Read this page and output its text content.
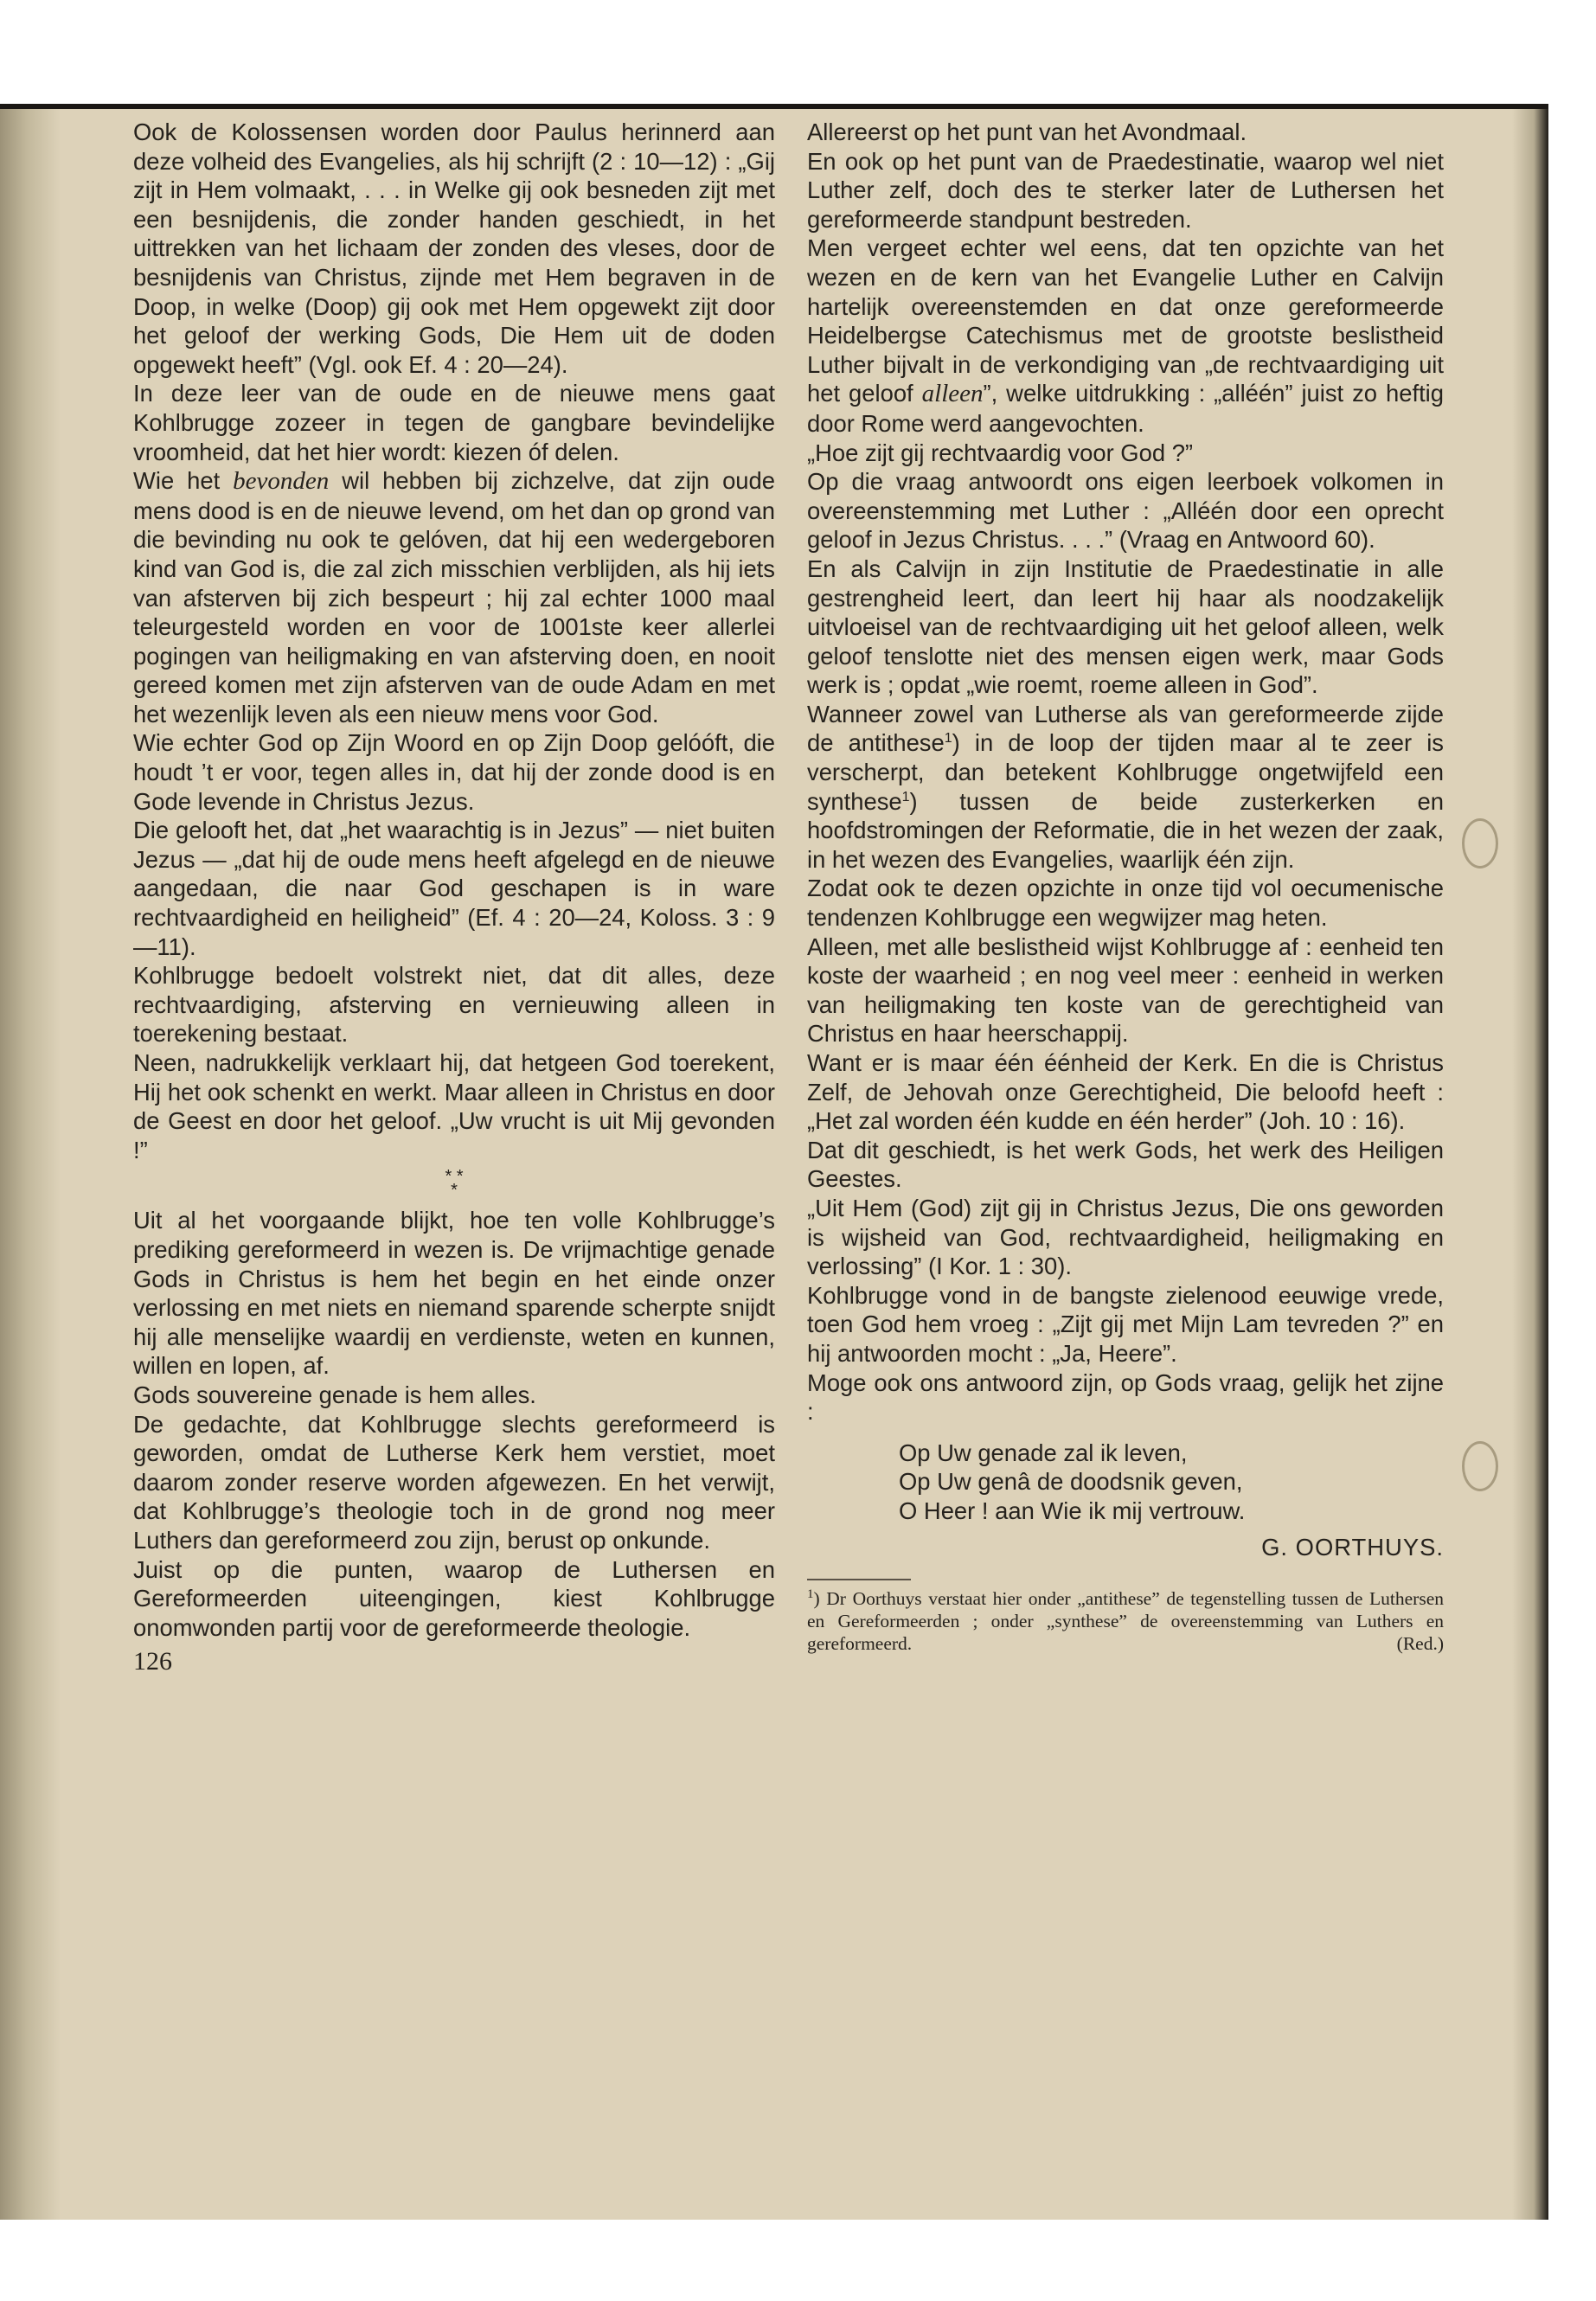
Ook de Kolossensen worden door Paulus herinnerd aan deze volheid des Evangelies, als hij schrijft (2 : 10—12) : „Gij zijt in Hem volmaakt, . . . in Welke gij ook besneden zijt met een besnijdenis, die zonder handen geschiedt, in het uittrekken van het lichaam der zonden des vleses, door de besnijdenis van Christus, zijnde met Hem begraven in de Doop, in welke (Doop) gij ook met Hem opgewekt zijt door het geloof der werking Gods, Die Hem uit de doden opgewekt heeft” (Vgl. ook Ef. 4 : 20—24).

In deze leer van de oude en de nieuwe mens gaat Kohlbrugge zozeer in tegen de gangbare bevindelijke vroomheid, dat het hier wordt: kiezen óf delen.

Wie het bevonden wil hebben bij zichzelve, dat zijn oude mens dood is en de nieuwe levend, om het dan op grond van die bevinding nu ook te gelóven, dat hij een wedergeboren kind van God is, die zal zich misschien verblijden, als hij iets van afsterven bij zich bespeurt ; hij zal echter 1000 maal teleurgesteld worden en voor de 1001ste keer allerlei pogingen van heiligmaking en van afsterving doen, en nooit gereed komen met zijn afsterven van de oude Adam en met het wezenlijk leven als een nieuw mens voor God.

Wie echter God op Zijn Woord en op Zijn Doop gelóóft, die houdt ’t er voor, tegen alles in, dat hij der zonde dood is en Gode levende in Christus Jezus.

Die gelooft het, dat „het waarachtig is in Jezus” — niet buiten Jezus — „dat hij de oude mens heeft afgelegd en de nieuwe aangedaan, die naar God geschapen is in ware rechtvaardigheid en heiligheid” (Ef. 4 : 20—24, Koloss. 3 : 9—11).

Kohlbrugge bedoelt volstrekt niet, dat dit alles, deze rechtvaardiging, afsterving en vernieuwing alleen in toerekening bestaat.

Neen, nadrukkelijk verklaart hij, dat hetgeen God toerekent, Hij het ook schenkt en werkt. Maar alleen in Christus en door de Geest en door het geloof. „Uw vrucht is uit Mij gevonden !”

* *
*

Uit al het voorgaande blijkt, hoe ten volle Kohlbrugge’s prediking gereformeerd in wezen is. De vrijmachtige genade Gods in Christus is hem het begin en het einde onzer verlossing en met niets en niemand sparende scherpte snijdt hij alle menselijke waardij en verdienste, weten en kunnen, willen en lopen, af.

Gods souvereine genade is hem alles.

De gedachte, dat Kohlbrugge slechts gereformeerd is geworden, omdat de Lutherse Kerk hem verstiet, moet daarom zonder reserve worden afgewezen. En het verwijt, dat Kohlbrugge’s theologie toch in de grond nog meer Luthers dan gereformeerd zou zijn, berust op onkunde.

Juist op die punten, waarop de Luthersen en Gereformeerden uiteengingen, kiest Kohlbrugge onomwonden partij voor de gereformeerde theologie.

126

Allereerst op het punt van het Avondmaal.

En ook op het punt van de Praedestinatie, waarop wel niet Luther zelf, doch des te sterker later de Luthersen het gereformeerde standpunt bestreden.

Men vergeet echter wel eens, dat ten opzichte van het wezen en de kern van het Evangelie Luther en Calvijn hartelijk overeenstemden en dat onze gereformeerde Heidelbergse Catechismus met de grootste beslistheid Luther bijvalt in de verkondiging van „de rechtvaardiging uit het geloof alleen”, welke uitdrukking : „alléén” juist zo heftig door Rome werd aangevochten.

„Hoe zijt gij rechtvaardig voor God ?”

Op die vraag antwoordt ons eigen leerboek volkomen in overeenstemming met Luther : „Alléén door een oprecht geloof in Jezus Christus. . . .” (Vraag en Antwoord 60).

En als Calvijn in zijn Institutie de Praedestinatie in alle gestrengheid leert, dan leert hij haar als noodzakelijk uitvloeisel van de rechtvaardiging uit het geloof alleen, welk geloof tenslotte niet des mensen eigen werk, maar Gods werk is ; opdat „wie roemt, roeme alleen in God”.

Wanneer zowel van Lutherse als van gereformeerde zijde de antithese$^1$) in de loop der tijden maar al te zeer is verscherpt, dan betekent Kohlbrugge ongetwijfeld een synthese$^1$) tussen de beide zusterkerken en hoofdstromingen der Reformatie, die in het wezen der zaak, in het wezen des Evangelies, waarlijk één zijn.

Zodat ook te dezen opzichte in onze tijd vol oecumenische tendenzen Kohlbrugge een wegwijzer mag heten.

Alleen, met alle beslistheid wijst Kohlbrugge af : eenheid ten koste der waarheid ; en nog veel meer : eenheid in werken van heiligmaking ten koste van de gerechtigheid van Christus en haar heerschappij.

Want er is maar één éénheid der Kerk. En die is Christus Zelf, de Jehovah onze Gerechtigheid, Die beloofd heeft : „Het zal worden één kudde en één herder” (Joh. 10 : 16).

Dat dit geschiedt, is het werk Gods, het werk des Heiligen Geestes.

„Uit Hem (God) zijt gij in Christus Jezus, Die ons geworden is wijsheid van God, rechtvaardigheid, heiligmaking en verlossing” (I Kor. 1 : 30).

Kohlbrugge vond in de bangste zielenood eeuwige vrede, toen God hem vroeg : „Zijt gij met Mijn Lam tevreden ?” en hij antwoorden mocht : „Ja, Heere”.

Moge ook ons antwoord zijn, op Gods vraag, gelijk het zijne :

Op Uw genade zal ik leven,
Op Uw genâ de doodsnik geven,
O Heer ! aan Wie ik mij vertrouw.
G. OORTHUYS.
$^1$) Dr Oorthuys verstaat hier onder „antithese” de tegenstelling tussen de Luthersen en Gereformeerden ; onder „synthese” de overeenstemming van Luthers en gereformeerd.	(Red.)
